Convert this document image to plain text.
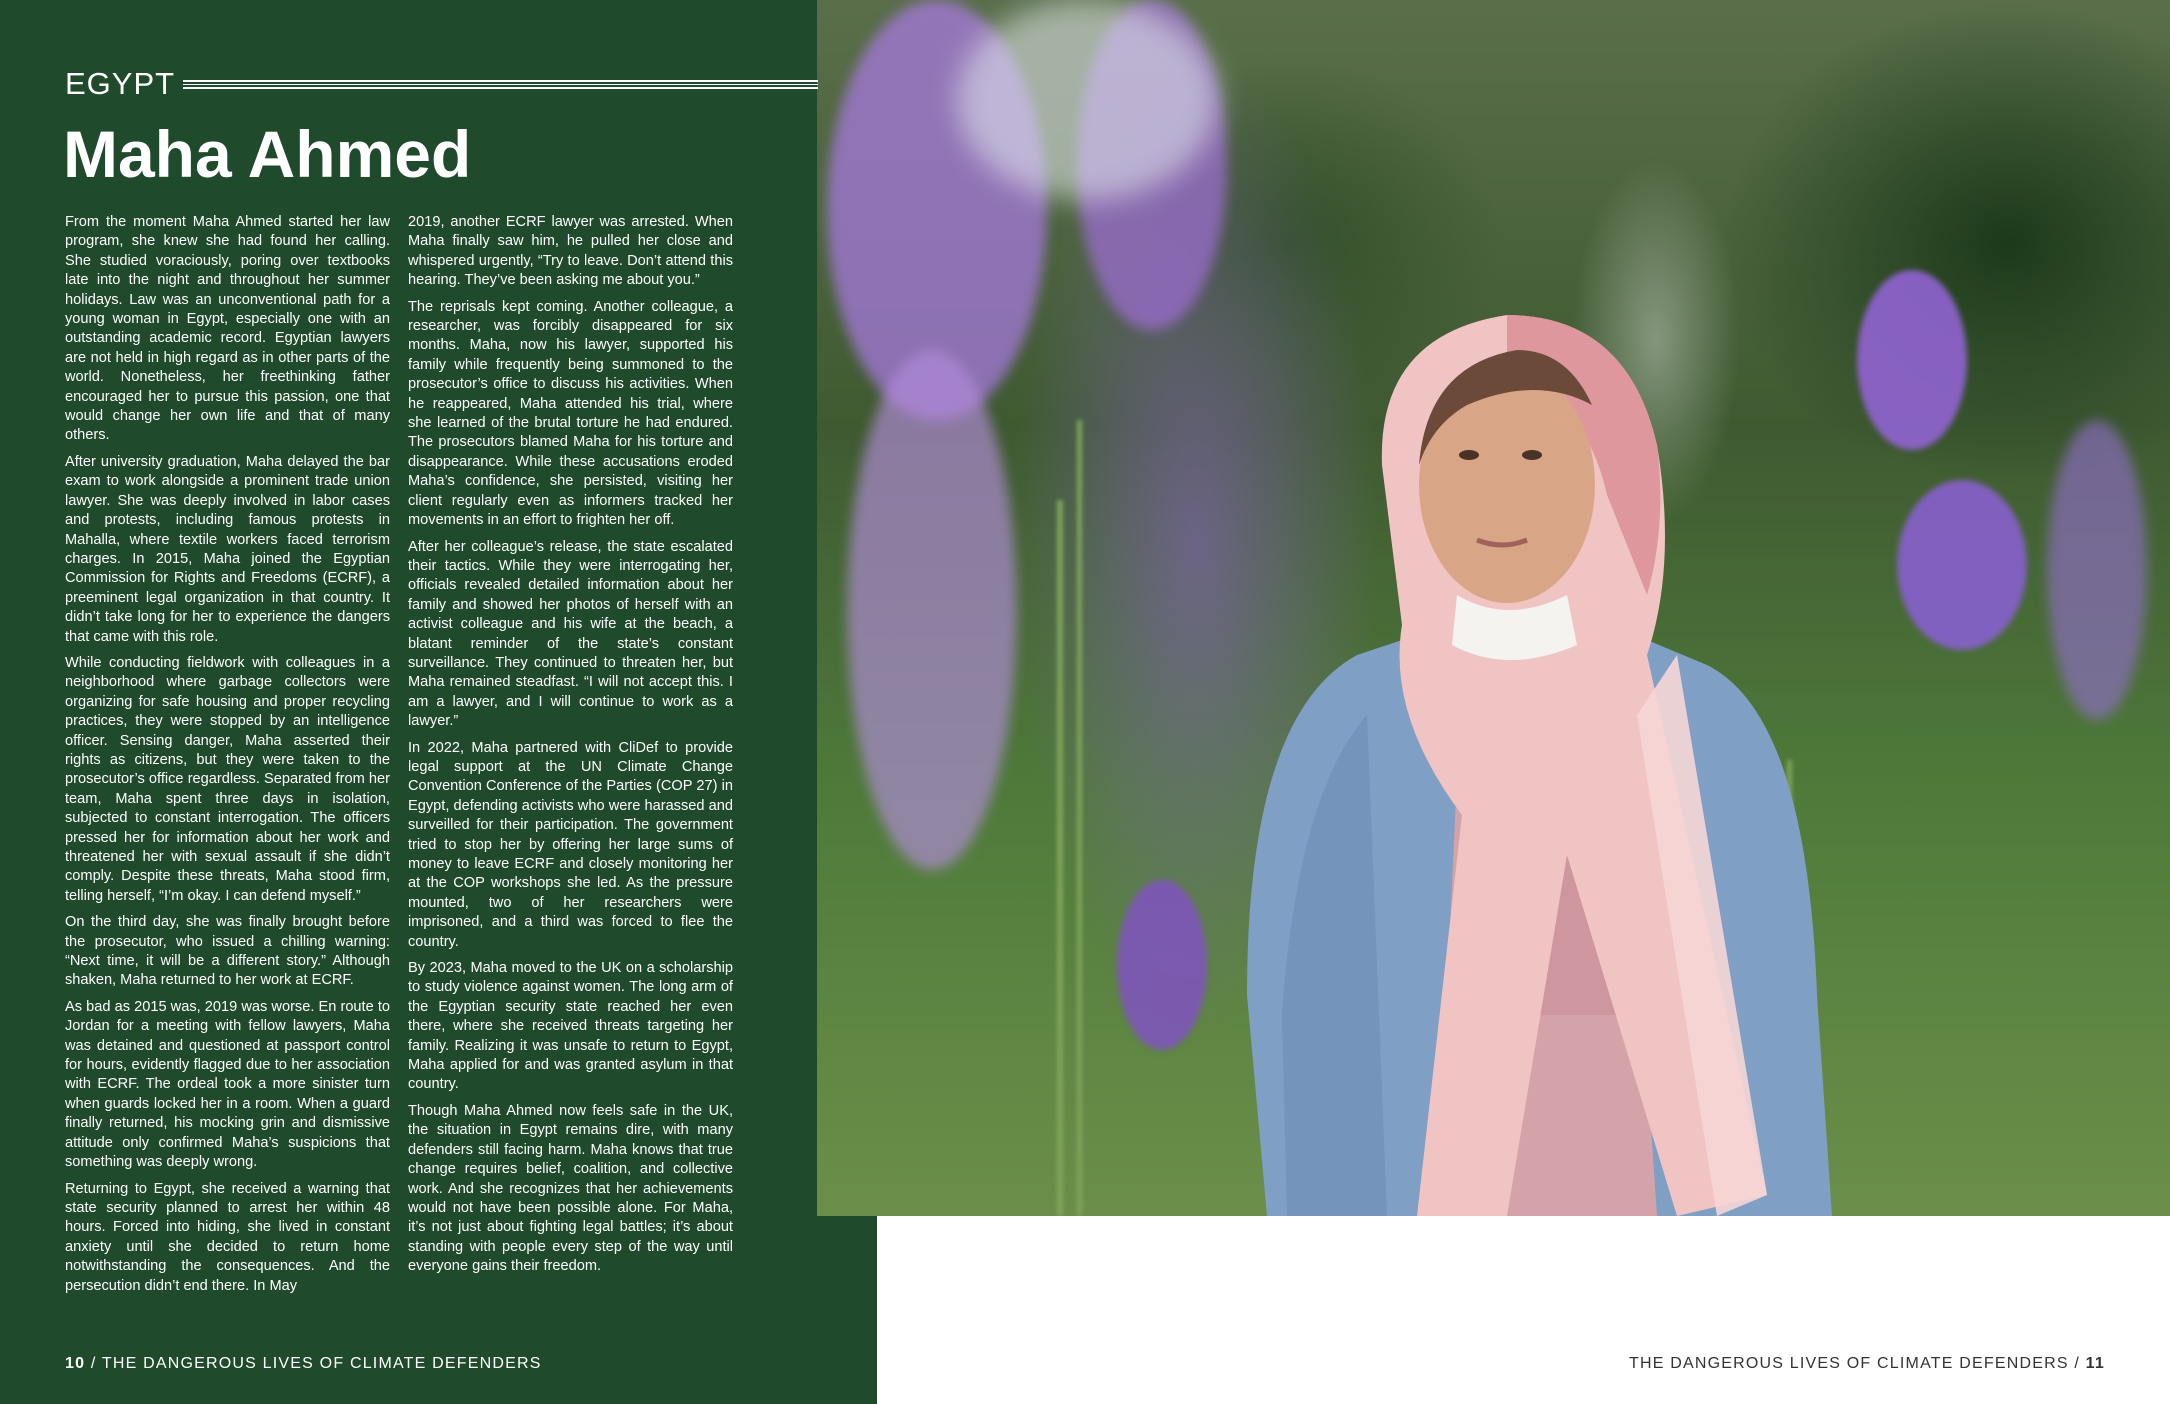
EGYPT
Maha Ahmed

From the moment Maha Ahmed started her law program, she knew she had found her calling. She studied voraciously, poring over textbooks late into the night and throughout her summer holidays. Law was an unconventional path for a young woman in Egypt, especially one with an outstanding academic record. Egyptian lawyers are not held in high regard as in other parts of the world. Nonetheless, her freethinking father encouraged her to pursue this passion, one that would change her own life and that of many others.

After university graduation, Maha delayed the bar exam to work alongside a prominent trade union lawyer. She was deeply involved in labor cases and protests, including famous protests in Mahalla, where textile workers faced terrorism charges. In 2015, Maha joined the Egyptian Commission for Rights and Freedoms (ECRF), a preeminent legal organization in that country. It didn’t take long for her to experience the dangers that came with this role.

While conducting fieldwork with colleagues in a neighborhood where garbage collectors were organizing for safe housing and proper recycling practices, they were stopped by an intelligence officer. Sensing danger, Maha asserted their rights as citizens, but they were taken to the prosecutor’s office regardless. Separated from her team, Maha spent three days in isolation, subjected to constant interrogation. The officers pressed her for information about her work and threatened her with sexual assault if she didn’t comply. Despite these threats, Maha stood firm, telling herself, “I’m okay. I can defend myself.”

On the third day, she was finally brought before the prosecutor, who issued a chilling warning: “Next time, it will be a different story.” Although shaken, Maha returned to her work at ECRF.

As bad as 2015 was, 2019 was worse. En route to Jordan for a meeting with fellow lawyers, Maha was detained and questioned at passport control for hours, evidently flagged due to her association with ECRF. The ordeal took a more sinister turn when guards locked her in a room. When a guard finally returned, his mocking grin and dismissive attitude only confirmed Maha’s suspicions that something was deeply wrong.

Returning to Egypt, she received a warning that state security planned to arrest her within 48 hours. Forced into hiding, she lived in constant anxiety until she decided to return home notwithstanding the consequences. And the persecution didn’t end there. In May

2019, another ECRF lawyer was arrested. When Maha finally saw him, he pulled her close and whispered urgently, “Try to leave. Don’t attend this hearing. They’ve been asking me about you.”

The reprisals kept coming. Another colleague, a researcher, was forcibly disappeared for six months. Maha, now his lawyer, supported his family while frequently being summoned to the prosecutor’s office to discuss his activities. When he reappeared, Maha attended his trial, where she learned of the brutal torture he had endured. The prosecutors blamed Maha for his torture and disappearance. While these accusations eroded Maha’s confidence, she persisted, visiting her client regularly even as informers tracked her movements in an effort to frighten her off.

After her colleague’s release, the state escalated their tactics. While they were interrogating her, officials revealed detailed information about her family and showed her photos of herself with an activist colleague and his wife at the beach, a blatant reminder of the state’s constant surveillance. They continued to threaten her, but Maha remained steadfast. “I will not accept this. I am a lawyer, and I will continue to work as a lawyer.”

In 2022, Maha partnered with CliDef to provide legal support at the UN Climate Change Convention Conference of the Parties (COP 27) in Egypt, defending activists who were harassed and surveilled for their participation. The government tried to stop her by offering her large sums of money to leave ECRF and closely monitoring her at the COP workshops she led. As the pressure mounted, two of her researchers were imprisoned, and a third was forced to flee the country.

By 2023, Maha moved to the UK on a scholarship to study violence against women. The long arm of the Egyptian security state reached her even there, where she received threats targeting her family. Realizing it was unsafe to return to Egypt, Maha applied for and was granted asylum in that country.

Though Maha Ahmed now feels safe in the UK, the situation in Egypt remains dire, with many defenders still facing harm. Maha knows that true change requires belief, coalition, and collective work. And she recognizes that her achievements would not have been possible alone. For Maha, it’s not just about fighting legal battles; it’s about standing with people every step of the way until everyone gains their freedom.

10 / THE DANGEROUS LIVES OF CLIMATE DEFENDERS	THE DANGEROUS LIVES OF CLIMATE DEFENDERS / 11
